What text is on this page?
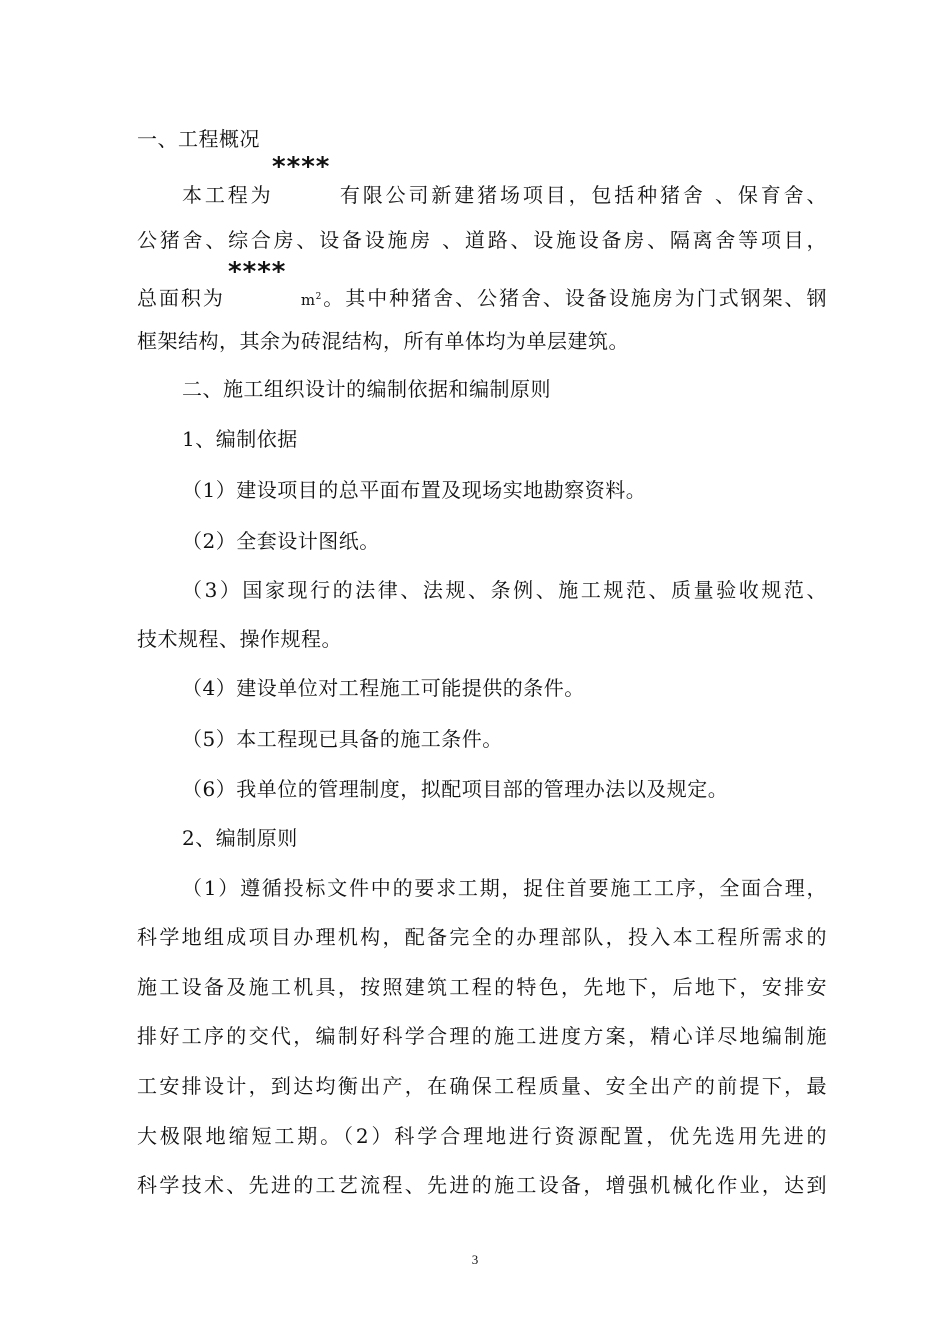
一、工程概况
****
本工程为	有限公司新建猪场项目，包括种猪舍 、保育舍、
公猪舍、综合房、设备设施房 、道路、设施设备房、隔离舍等项目，
****
总面积为	$m^2$。其中种猪舍、公猪舍、设备设施房为门式钢架、钢
框架结构，其余为砖混结构，所有单体均为单层建筑。
二、施工组织设计的编制依据和编制原则
1、编制依据
（1）建设项目的总平面布置及现场实地勘察资料。
（2）全套设计图纸。
（3）国家现行的法律、法规、条例、施工规范、质量验收规范、
技术规程、操作规程。
（4）建设单位对工程施工可能提供的条件。
（5）本工程现已具备的施工条件。
（6）我单位的管理制度，拟配项目部的管理办法以及规定。
2、编制原则
（1）遵循投标文件中的要求工期，捉住首要施工工序，全面合理，
科学地组成项目办理机构，配备完全的办理部队，投入本工程所需求的
施工设备及施工机具，按照建筑工程的特色，先地下，后地下，安排安
排好工序的交代，编制好科学合理的施工进度方案，精心详尽地编制施
工安排设计，到达均衡出产，在确保工程质量、安全出产的前提下，最
大极限地缩短工期。（2）科学合理地进行资源配置，优先选用先进的
科学技术、先进的工艺流程、先进的施工设备，增强机械化作业，达到
3
